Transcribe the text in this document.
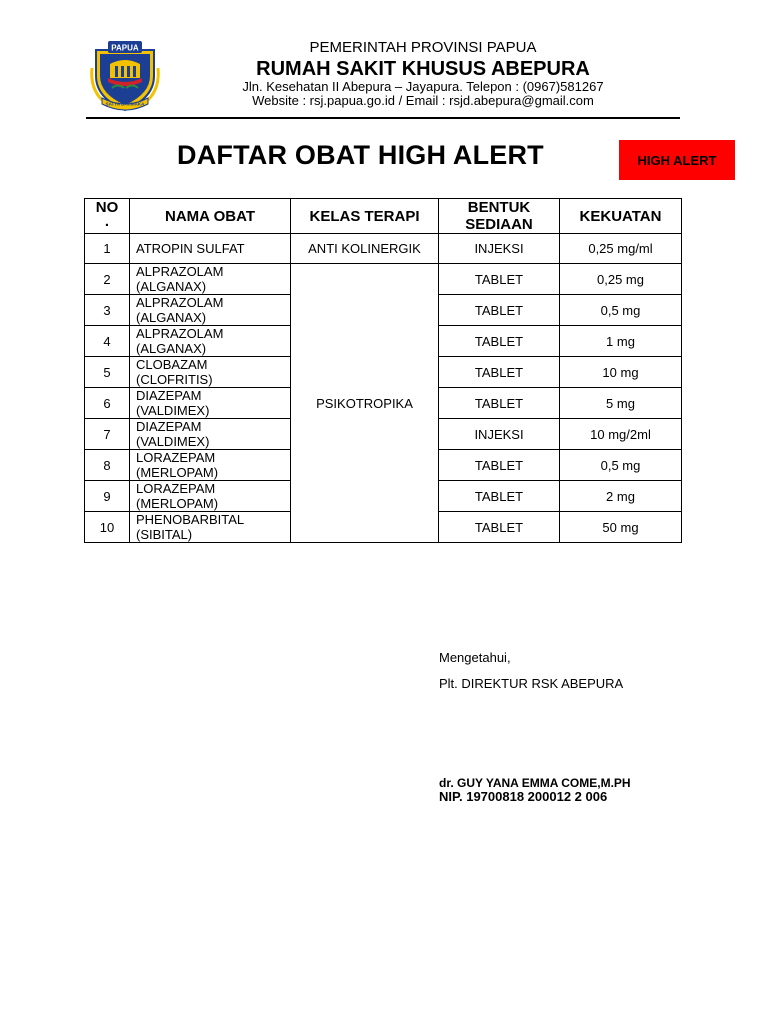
PAPUA
SATYA DARMAKA
PEMERINTAH PROVINSI PAPUA
RUMAH SAKIT KHUSUS ABEPURA
Jln. Kesehatan II Abepura – Jayapura. Telepon : (0967)581267
Website : rsj.papua.go.id / Email : rsjd.abepura@gmail.com
DAFTAR OBAT HIGH ALERT	HIGH ALERT
NO
.	NAMA OBAT	KELAS TERAPI	BENTUK
SEDIAAN	KEKUATAN
1	ATROPIN SULFAT	ANTI KOLINERGIK	INJEKSI	0,25 mg/ml
2	ALPRAZOLAM
(ALGANAX)	PSIKOTROPIKA	TABLET	0,25 mg
3	ALPRAZOLAM
(ALGANAX)		TABLET	0,5 mg
4	ALPRAZOLAM
(ALGANAX)		TABLET	1 mg
5	CLOBAZAM
(CLOFRITIS)		TABLET	10 mg
6	DIAZEPAM
(VALDIMEX)		TABLET	5 mg
7	DIAZEPAM
(VALDIMEX)		INJEKSI	10 mg/2ml
8	LORAZEPAM
(MERLOPAM)		TABLET	0,5 mg
9	LORAZEPAM
(MERLOPAM)		TABLET	2 mg
10	PHENOBARBITAL
(SIBITAL)		TABLET	50 mg
Mengetahui,
Plt. DIREKTUR RSK ABEPURA
dr. GUY YANA EMMA COME,M.PH
NIP. 19700818 200012 2 006
